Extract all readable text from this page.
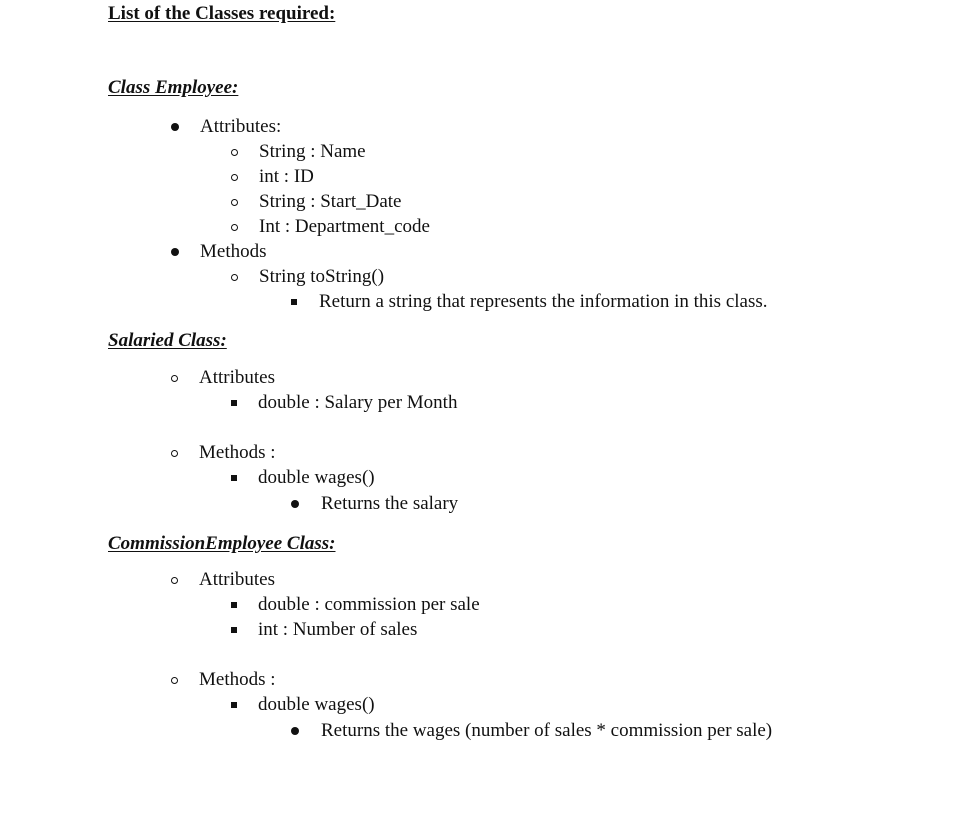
List of the Classes required:
Class Employee:
Attributes:
String : Name
int : ID
String : Start_Date
Int : Department_code
Methods
String toString()
Return a string that represents the information in this class.
Salaried Class:
Attributes
double : Salary per Month
Methods :
double wages()
Returns the salary
CommissionEmployee Class:
Attributes
double : commission per sale
int : Number of sales
Methods :
double wages()
Returns the wages (number of sales * commission per sale)
